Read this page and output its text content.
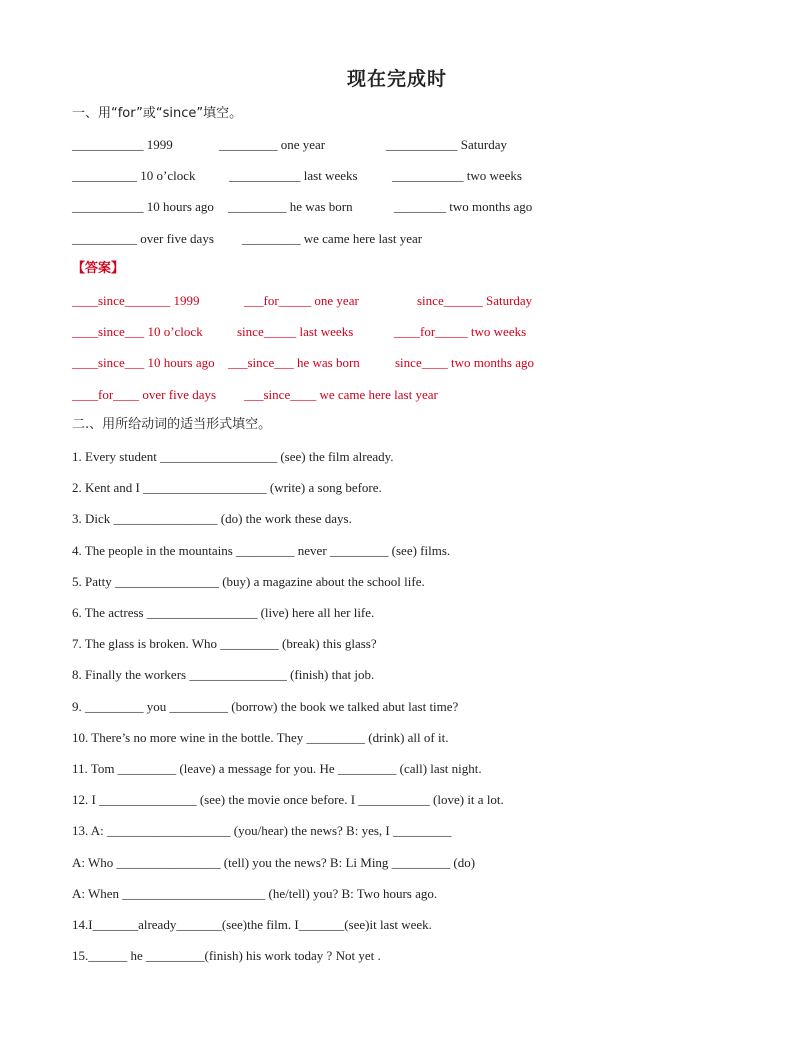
现在完成时
一、用“for”或“since”填空。
___________ 1999	_________ one year	___________ Saturday
__________ 10 o’clock	___________ last weeks	___________ two weeks
___________ 10 hours ago _________ he was born	________ two months ago
__________ over five days _________ we came here last year
【答案】
____since_______ 1999	___for_____ one year	since______ Saturday
____since___ 10 o’clock	since_____ last weeks	____for_____ two weeks
____since___ 10 hours ago ___since___ he was born	since____ two months ago
____for____ over five days ___since____ we came here last year
二.、用所给动词的适当形式填空。
1. Every student __________________ (see) the film already.
2. Kent and I ___________________ (write) a song before.
3. Dick ________________ (do) the work these days.
4. The people in the mountains _________ never _________ (see) films.
5. Patty ________________ (buy) a magazine about the school life.
6. The actress _________________ (live) here all her life.
7. The glass is broken. Who _________ (break) this glass?
8. Finally the workers _______________ (finish) that job.
9. _________ you _________ (borrow) the book we talked abut last time?
10. There’s no more wine in the bottle. They _________ (drink) all of it.
11. Tom _________ (leave) a message for you. He _________ (call) last night.
12. I _______________ (see) the movie once before. I ___________ (love) it a lot.
13. A: ___________________ (you/hear) the news? B: yes, I _________
A: Who ________________ (tell) you the news? B: Li Ming _________ (do)
A: When ______________________ (he/tell) you? B: Two hours ago.
14.I_______already_______(see)the film. I_______(see)it last week.
15.______ he _________(finish) his work today ? Not yet .
